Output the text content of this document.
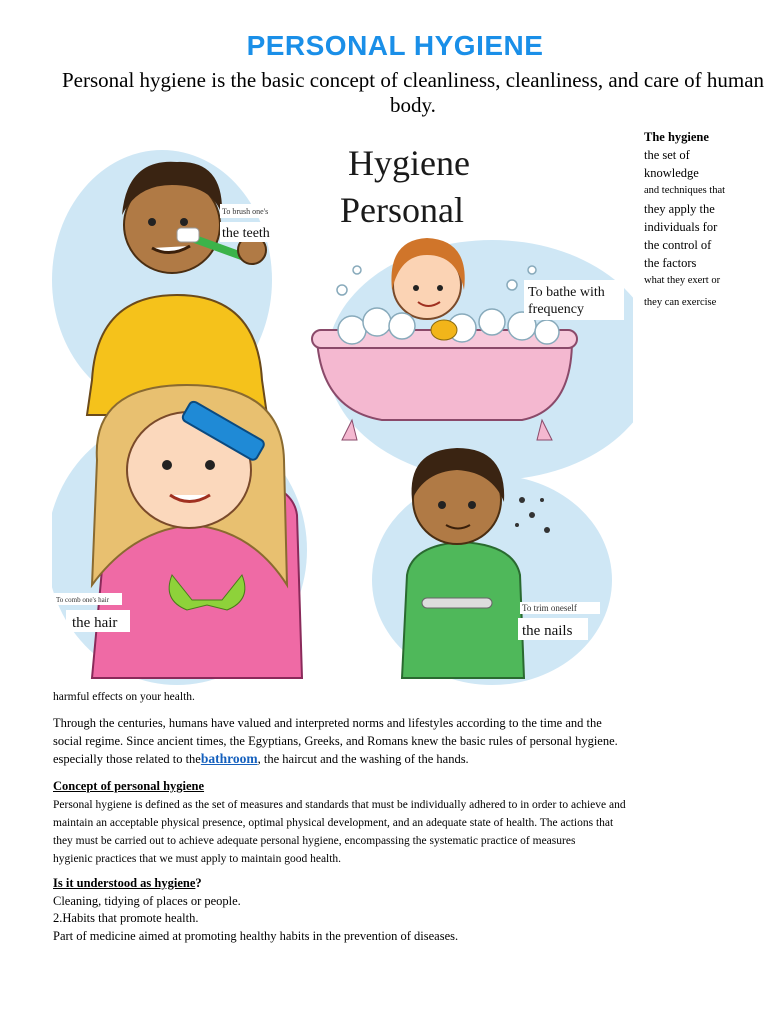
PERSONAL HYGIENE
Personal hygiene is the basic concept of cleanliness, cleanliness, and care of human body.
To brush one's
the teeth
Hygiene
Personal
To bathe with
frequency
To comb one's hair
the hair
To trim oneself
the nails
The hygiene
the set of
knowledge
and techniques that
they apply the
individuals for
the control of
the factors
what they exert or
they can exercise
harmful effects on your health.
Through the centuries, humans have valued and interpreted norms and lifestyles according to the time and the
social regime. Since ancient times, the Egyptians, Greeks, and Romans knew the basic rules of personal hygiene.
especially those related to thebathroom, the haircut and the washing of the hands.
Concept of personal hygiene
Personal hygiene is defined as the set of measures and standards that must be individually adhered to in order to achieve and
maintain an acceptable physical presence, optimal physical development, and an adequate state of health. The actions that
they must be carried out to achieve adequate personal hygiene, encompassing the systematic practice of measures
hygienic practices that we must apply to maintain good health.
Is it understood as hygiene?
Cleaning, tidying of places or people.
2.Habits that promote health.
Part of medicine aimed at promoting healthy habits in the prevention of diseases.
